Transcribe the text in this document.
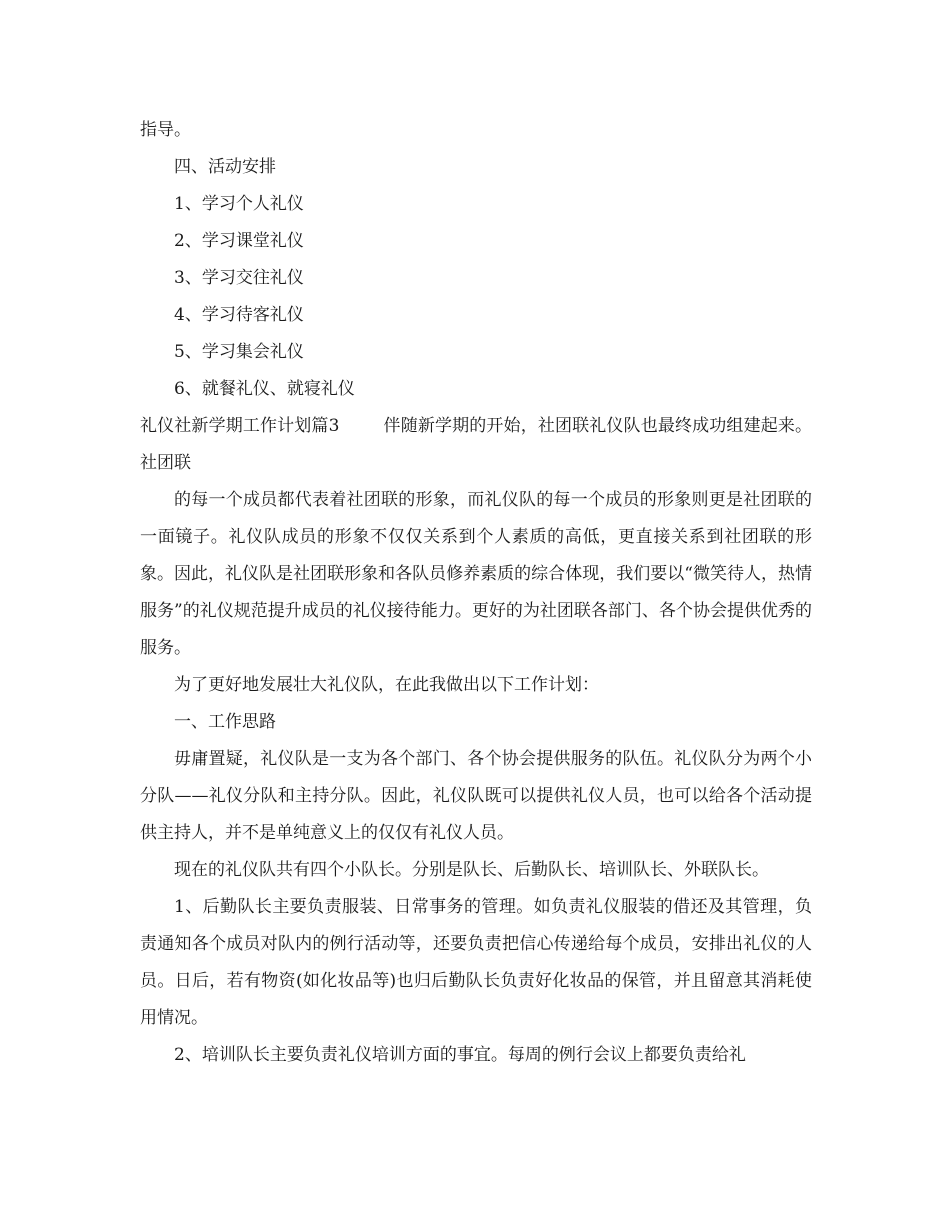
指导。

四、活动安排

1、学习个人礼仪

2、学习课堂礼仪

3、学习交往礼仪

4、学习待客礼仪

5、学习集会礼仪

6、就餐礼仪、就寝礼仪

礼仪社新学期工作计划篇3	伴随新学期的开始，社团联礼仪队也最终成功组建起来。社团联

的每一个成员都代表着社团联的形象，而礼仪队的每一个成员的形象则更是社团联的一面镜子。礼仪队成员的形象不仅仅关系到个人素质的高低，更直接关系到社团联的形象。因此，礼仪队是社团联形象和各队员修养素质的综合体现，我们要以“微笑待人，热情服务”的礼仪规范提升成员的礼仪接待能力。更好的为社团联各部门、各个协会提供优秀的服务。

为了更好地发展壮大礼仪队，在此我做出以下工作计划：

一、工作思路

毋庸置疑，礼仪队是一支为各个部门、各个协会提供服务的队伍。礼仪队分为两个小分队——礼仪分队和主持分队。因此，礼仪队既可以提供礼仪人员，也可以给各个活动提供主持人，并不是单纯意义上的仅仅有礼仪人员。

现在的礼仪队共有四个小队长。分别是队长、后勤队长、培训队长、外联队长。

1、后勤队长主要负责服装、日常事务的管理。如负责礼仪服装的借还及其管理，负责通知各个成员对队内的例行活动等，还要负责把信心传递给每个成员，安排出礼仪的人员。日后，若有物资(如化妆品等)也归后勤队长负责好化妆品的保管，并且留意其消耗使用情况。

2、培训队长主要负责礼仪培训方面的事宜。每周的例行会议上都要负责给礼
